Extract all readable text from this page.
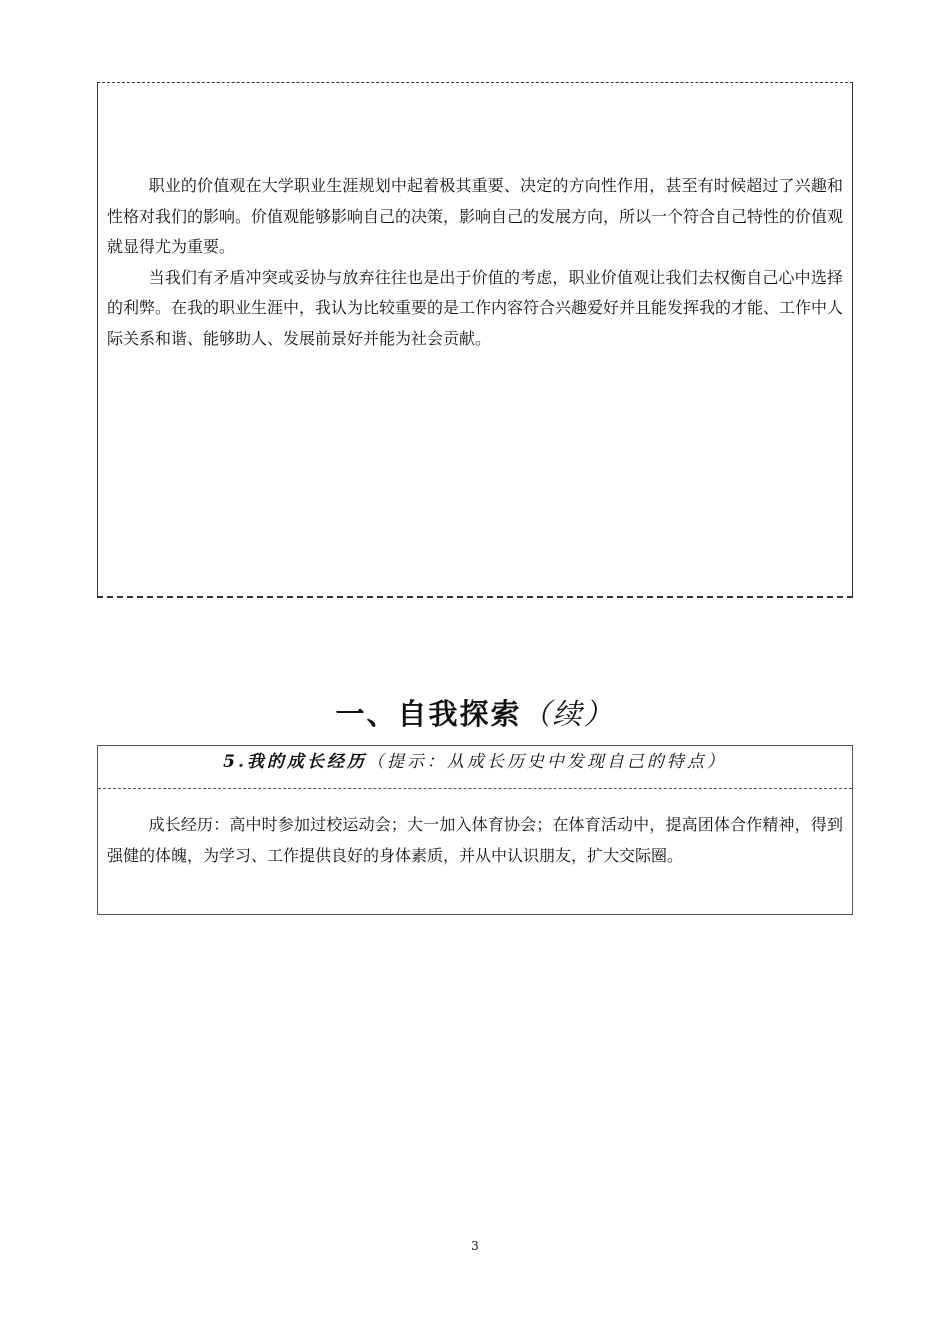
职业的价值观在大学职业生涯规划中起着极其重要、决定的方向性作用，甚至有时候超过了兴趣和性格对我们的影响。价值观能够影响自己的决策，影响自己的发展方向，所以一个符合自己特性的价值观就显得尤为重要。

当我们有矛盾冲突或妥协与放弃往往也是出于价值的考虑，职业价值观让我们去权衡自己心中选择的利弊。在我的职业生涯中，我认为比较重要的是工作内容符合兴趣爱好并且能发挥我的才能、工作中人际关系和谐、能够助人、发展前景好并能为社会贡献。

一、自我探索（续）
5.我的成长经历（提示：从成长历史中发现自己的特点）

成长经历：高中时参加过校运动会；大一加入体育协会；在体育活动中，提高团体合作精神，得到强健的体魄，为学习、工作提供良好的身体素质，并从中认识朋友，扩大交际圈。

3
